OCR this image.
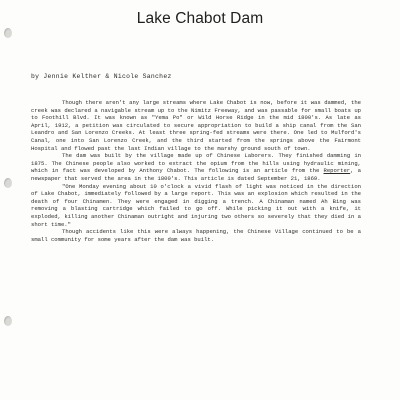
Lake Chabot Dam
by Jennie Kelther & Nicole Sanchez

Though there aren't any large streams where Lake Chabot is now, before it was dammed, the creek was declared a navigable stream up to the Nimitz Freeway, and was passable for small boats up to Foothill Blvd. It was known as "Yema Po" or Wild Horse Ridge in the mid 1800's. As late as April, 1912, a petition was circulated to secure appropriation to build a ship canal from the San Leandro and San Lorenzo Creeks. At least three spring-fed streams were there. One led to Mulford's Canal, one into San Lorenzo Creek, and the third started from the springs above the Fairmont Hospital and flowed past the last Indian village to the marshy ground south of town.

The dam was built by the village made up of Chinese Laborers. They finished damming in 1875. The Chinese people also worked to extract the opium from the hills using hydraulic mining, which in fact was developed by Anthony Chabot. The following is an article from the Reporter, a newspaper that served the area in the 1800's. This article is dated September 21, 1869.

"One Monday evening about 10 o'clock a vivid flash of light was noticed in the direction of Lake Chabot, immediately followed by a large report. This was an explosion which resulted in the death of four Chinamen. They were engaged in digging a trench. A Chinaman named Ah Bing was removing a blasting cartridge which failed to go off. While picking it out with a knife, it exploded, killing another Chinaman outright and injuring two others so severely that they died in a short time."

Though accidents like this were always happening, the Chinese Village continued to be a small community for some years after the dam was built.
